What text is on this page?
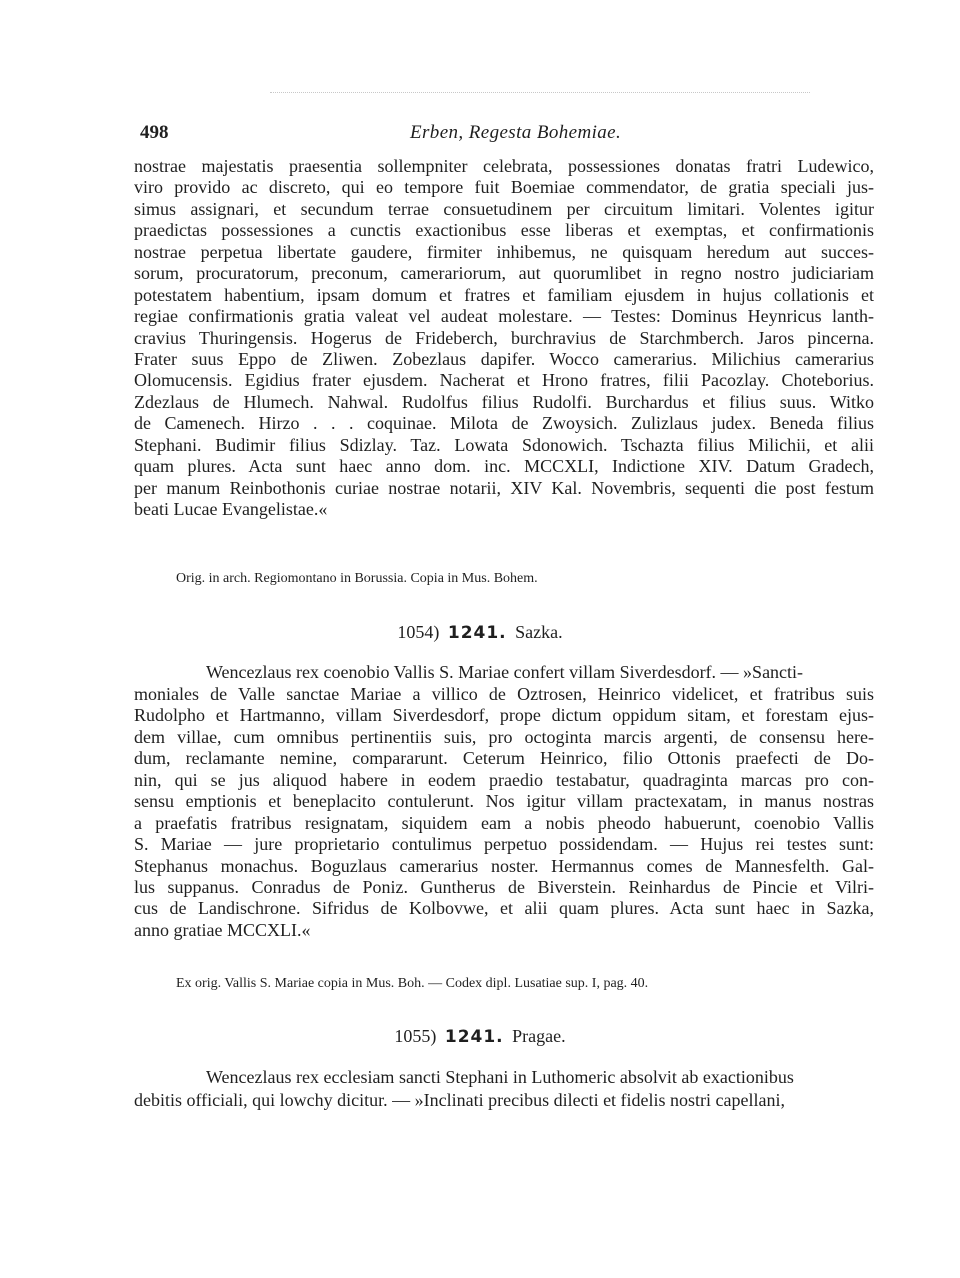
498	Erben, Regesta Bohemiae.
nostrae majestatis praesentia sollempniter celebrata, possessiones donatas fratri Ludewico,
viro provido ac discreto, qui eo tempore fuit Boemiae commendator, de gratia speciali jus-
simus assignari, et secundum terrae consuetudinem per circuitum limitari. Volentes igitur
praedictas possessiones a cunctis exactionibus esse liberas et exemptas, et confirmationis
nostrae perpetua libertate gaudere, firmiter inhibemus, ne quisquam heredum aut succes-
sorum, procuratorum, preconum, camerariorum, aut quorumlibet in regno nostro judiciariam
potestatem habentium, ipsam domum et fratres et familiam ejusdem in hujus collationis et
regiae confirmationis gratia valeat vel audeat molestare. — Testes: Dominus Heynricus lanth-
cravius Thuringensis. Hogerus de Frideberch, burchravius de Starchmberch. Jaros pincerna.
Frater suus Eppo de Zliwen. Zobezlaus dapifer. Wocco camerarius. Milichius camerarius
Olomucensis. Egidius frater ejusdem. Nacherat et Hrono fratres, filii Pacozlay. Choteborius.
Zdezlaus de Hlumech. Nahwal. Rudolfus filius Rudolfi. Burchardus et filius suus. Witko
de Camenech. Hirzo . . . coquinae. Milota de Zwoysich. Zulizlaus judex. Beneda filius
Stephani. Budimir filius Sdizlay. Taz. Lowata Sdonowich. Tschazta filius Milichii, et alii
quam plures. Acta sunt haec anno dom. inc. MCCXLI, Indictione XIV. Datum Gradech,
per manum Reinbothonis curiae nostrae notarii, XIV Kal. Novembris, sequenti die post festum
beati Lucae Evangelistae.«
Orig. in arch. Regiomontano in Borussia. Copia in Mus. Bohem.
1054) 1241. Sazka.
Wencezlaus rex coenobio Vallis S. Mariae confert villam Siverdesdorf. — »Sancti-
moniales de Valle sanctae Mariae a villico de Oztrosen, Heinrico videlicet, et fratribus suis
Rudolpho et Hartmanno, villam Siverdesdorf, prope dictum oppidum sitam, et forestam ejus-
dem villae, cum omnibus pertinentiis suis, pro octoginta marcis argenti, de consensu here-
dum, reclamante nemine, compararunt. Ceterum Heinrico, filio Ottonis praefecti de Do-
nin, qui se jus aliquod habere in eodem praedio testabatur, quadraginta marcas pro con-
sensu emptionis et beneplacito contulerunt. Nos igitur villam practexatam, in manus nostras
a praefatis fratribus resignatam, siquidem eam a nobis pheodo habuerunt, coenobio Vallis
S. Mariae — jure proprietario contulimus perpetuo possidendam. — Hujus rei testes sunt:
Stephanus monachus. Boguzlaus camerarius noster. Hermannus comes de Mannesfelth. Gal-
lus suppanus. Conradus de Poniz. Guntherus de Biverstein. Reinhardus de Pincie et Vilri-
cus de Landischrone. Sifridus de Kolbovwe, et alii quam plures. Acta sunt haec in Sazka,
anno gratiae MCCXLI.«
Ex orig. Vallis S. Mariae copia in Mus. Boh. — Codex dipl. Lusatiae sup. I, pag. 40.
1055) 1241. Pragae.
Wencezlaus rex ecclesiam sancti Stephani in Luthomeric absolvit ab exactionibus
debitis officiali, qui lowchy dicitur. — »Inclinati precibus dilecti et fidelis nostri capellani,
